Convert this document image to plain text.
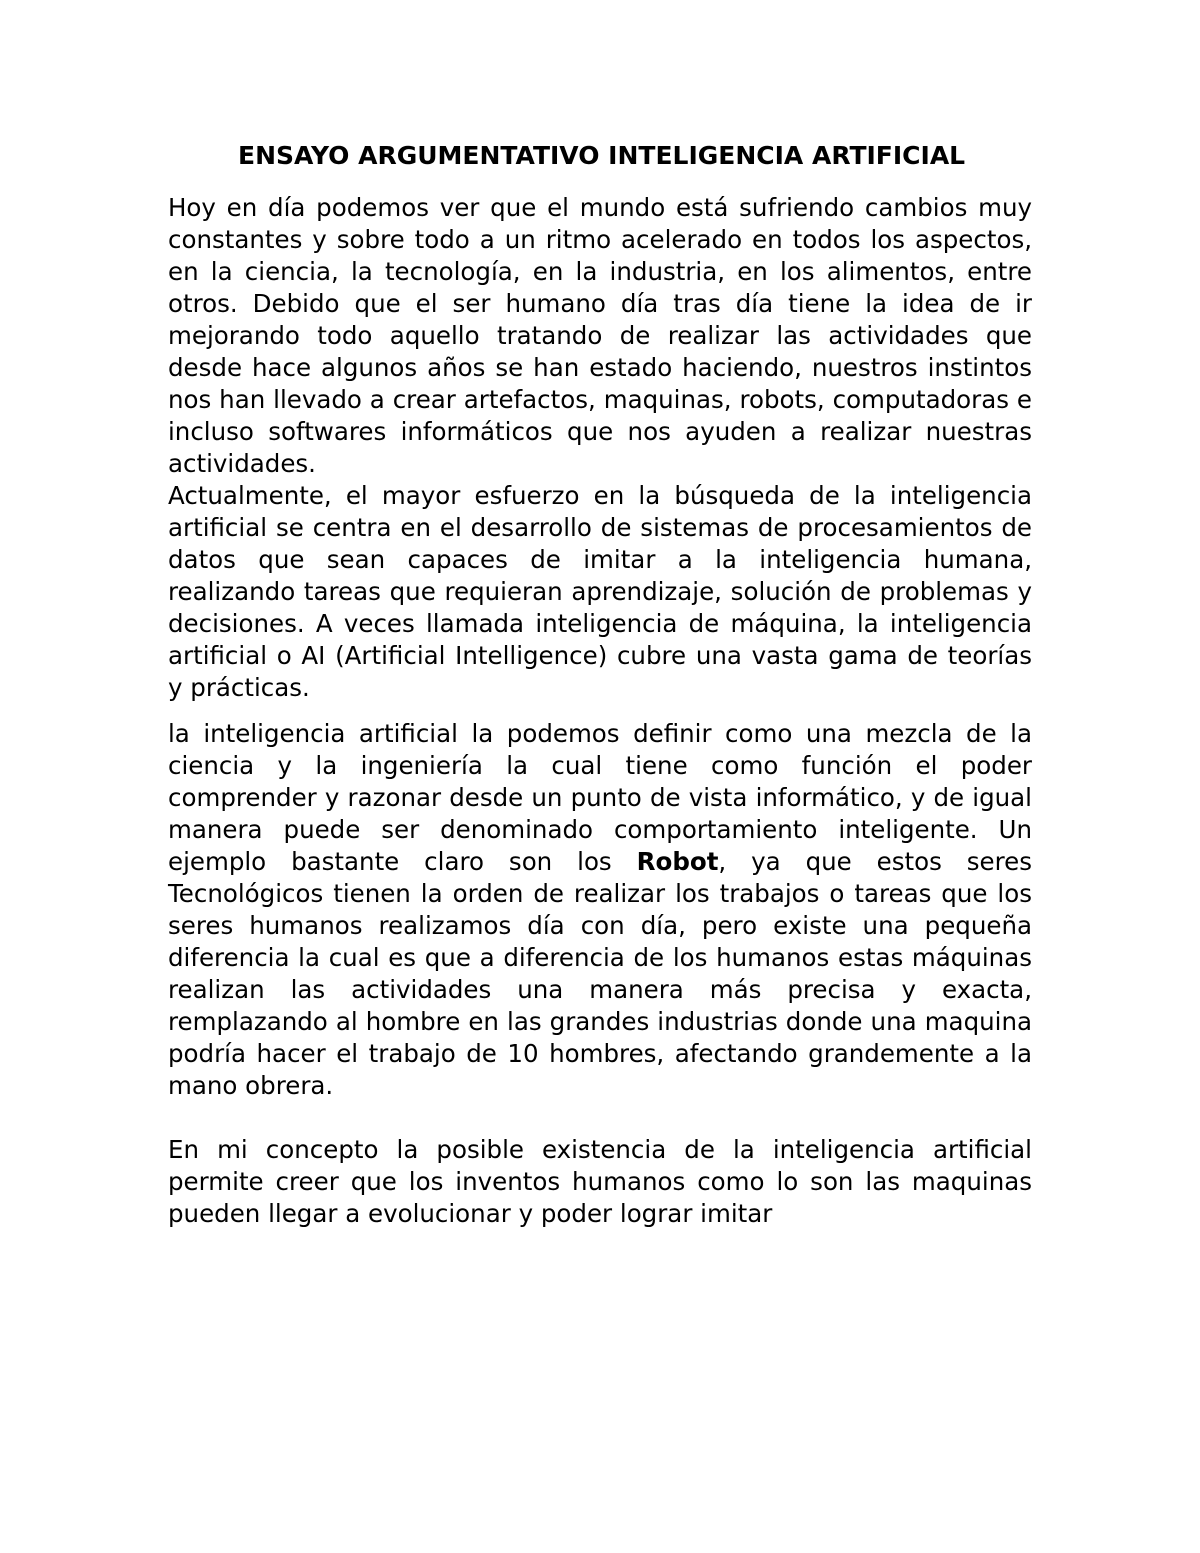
ENSAYO ARGUMENTATIVO INTELIGENCIA ARTIFICIAL

Hoy en día podemos ver que el mundo está sufriendo cambios muy constantes y sobre todo a un ritmo acelerado en todos los aspectos, en la ciencia, la tecnología, en la industria, en los alimentos, entre otros. Debido que el ser humano día tras día tiene la idea de ir mejorando todo aquello tratando de realizar las actividades que desde hace algunos años se han estado haciendo, nuestros instintos nos han llevado a crear artefactos, maquinas, robots, computadoras e incluso softwares informáticos que nos ayuden a realizar nuestras actividades.

Actualmente, el mayor esfuerzo en la búsqueda de la inteligencia artificial se centra en el desarrollo de sistemas de procesamientos de datos que sean capaces de imitar a la inteligencia humana, realizando tareas que requieran aprendizaje, solución de problemas y decisiones. A veces llamada inteligencia de máquina, la inteligencia artificial o AI (Artificial Intelligence) cubre una vasta gama de teorías y prácticas.

la inteligencia artificial la podemos definir como una mezcla de la ciencia y la ingeniería la cual tiene como función el poder comprender y razonar desde un punto de vista informático, y de igual manera puede ser denominado comportamiento inteligente. Un ejemplo bastante claro son los Robot, ya que estos seres Tecnológicos tienen la orden de realizar los trabajos o tareas que los seres humanos realizamos día con día, pero existe una pequeña diferencia la cual es que a diferencia de los humanos estas máquinas realizan las actividades una manera más precisa y exacta, remplazando al hombre en las grandes industrias donde una maquina podría hacer el trabajo de 10 hombres, afectando grandemente a la mano obrera.

En mi concepto la posible existencia de la inteligencia artificial permite creer que los inventos humanos como lo son las maquinas pueden llegar a evolucionar y poder lograr imitar
